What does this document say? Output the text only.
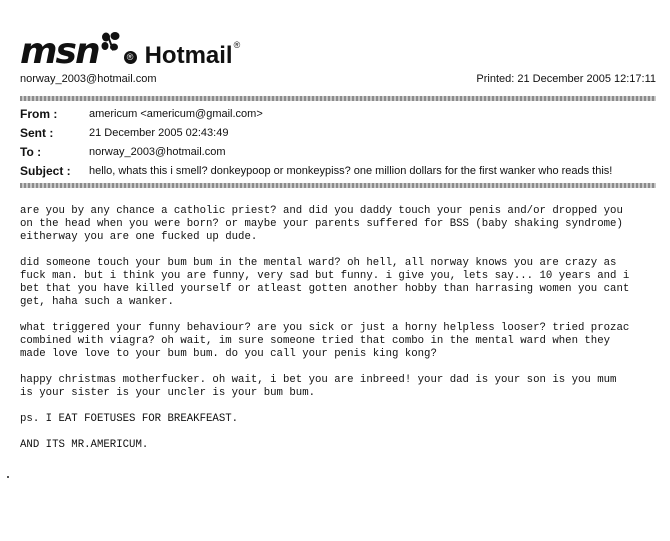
msn	® Hotmail ®
norway_2003@hotmail.com	Printed: 21 December 2005 12:17:11
From :	americum <americum@gmail.com>
Sent :	21 December 2005 02:43:49
To :	norway_2003@hotmail.com
Subject :	hello, whats this i smell? donkeypoop or monkeypiss? one million dollars for the first wanker who reads this!
are you by any chance a catholic priest? and did you daddy touch your penis and/or dropped you
on the head when you were born? or maybe your parents suffered for BSS (baby shaking syndrome)
eitherway you are one fucked up dude.

did someone touch your bum bum in the mental ward? oh hell, all norway knows you are crazy as
fuck man. but i think you are funny, very sad but funny. i give you, lets say... 10 years and i
bet that you have killed yourself or atleast gotten another hobby than harrasing women you cant
get, haha such a wanker.

what triggered your funny behaviour? are you sick or just a horny helpless looser? tried prozac
combined with viagra? oh wait, im sure someone tried that combo in the mental ward when they
made love love to your bum bum. do you call your penis king kong?

happy christmas motherfucker. oh wait, i bet you are inbreed! your dad is your son is you mum
is your sister is your uncler is your bum bum.

ps. I EAT FOETUSES FOR BREAKFEAST.

AND ITS MR.AMERICUM.
